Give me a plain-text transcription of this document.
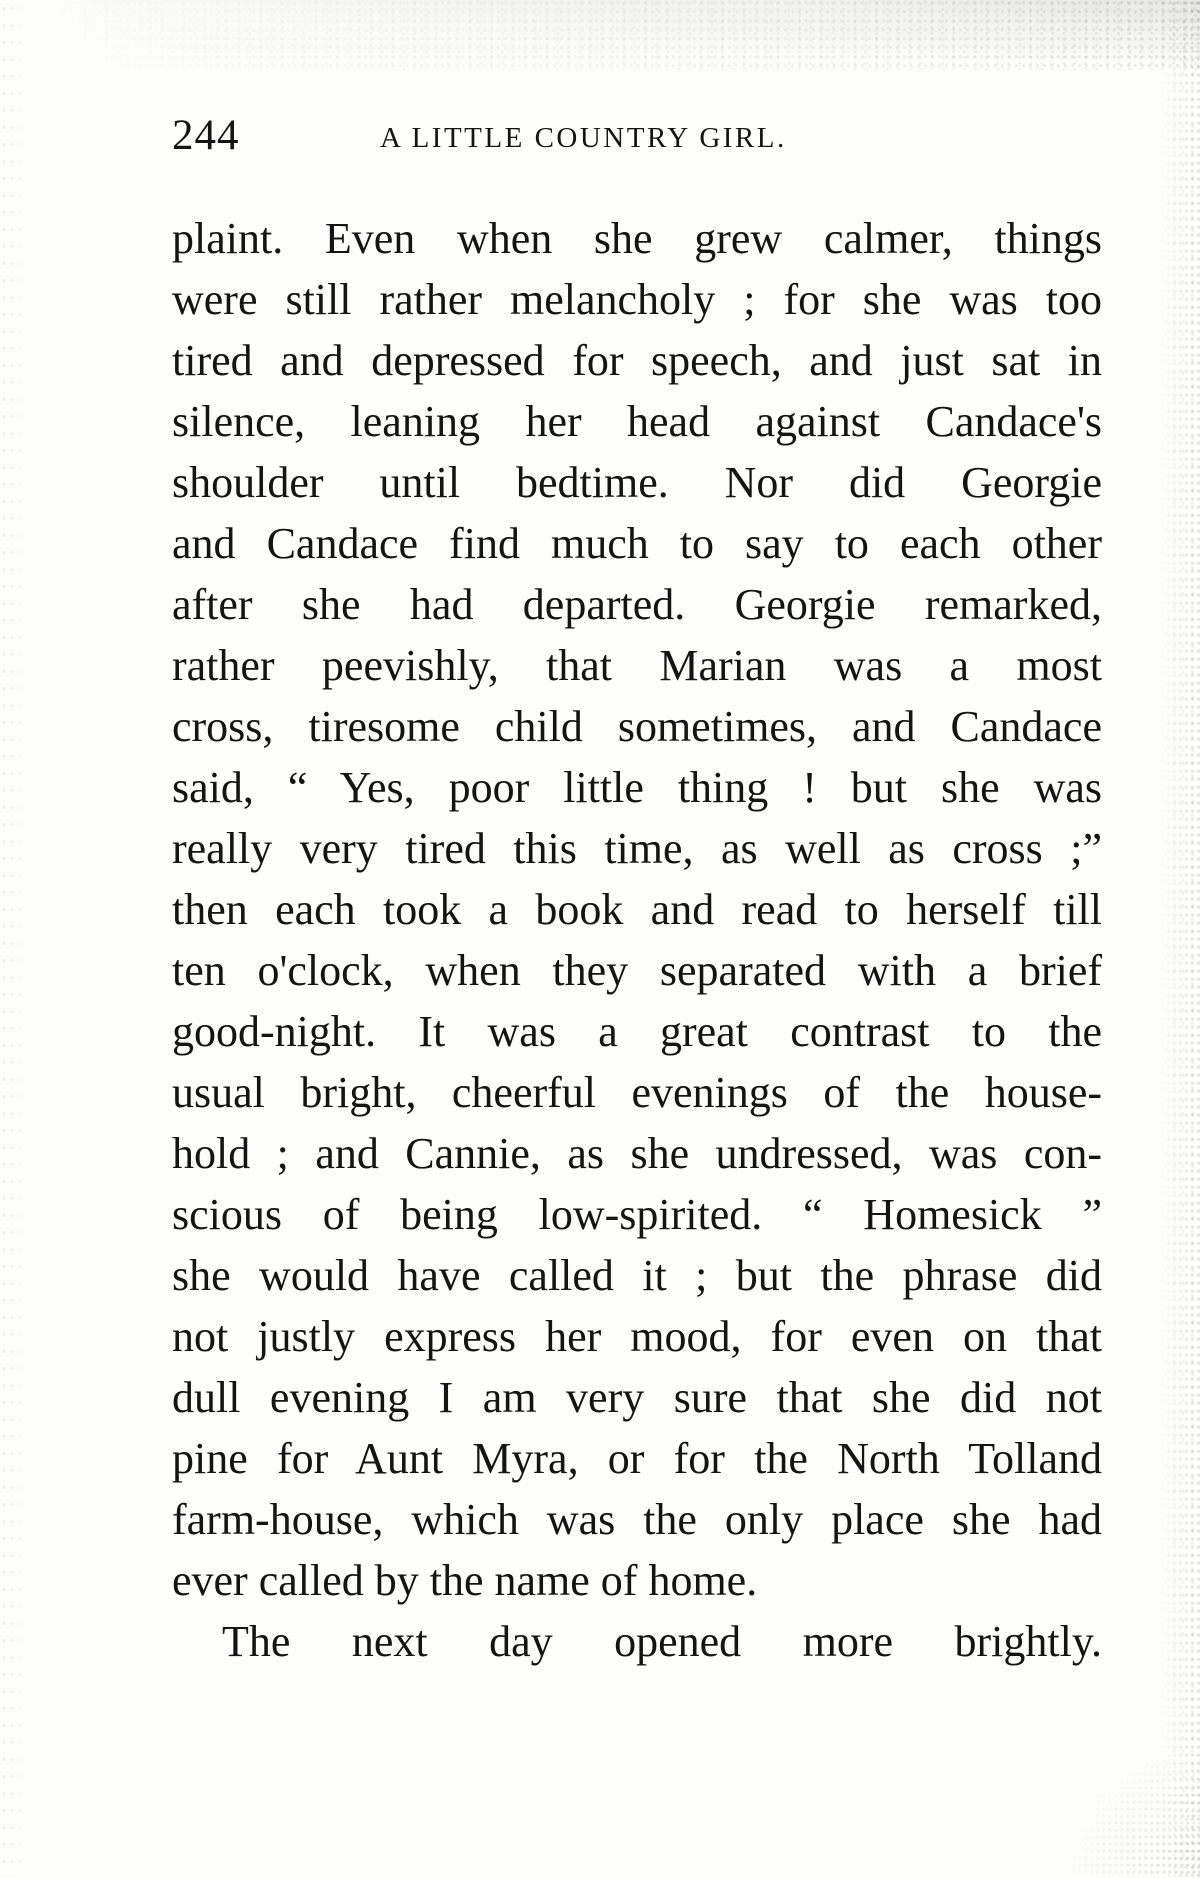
244	A LITTLE COUNTRY GIRL.
plaint. Even when she grew calmer, things
were still rather melancholy ; for she was too
tired and depressed for speech, and just sat in
silence, leaning her head against Candace's
shoulder until bedtime. Nor did Georgie
and Candace find much to say to each other
after she had departed. Georgie remarked,
rather peevishly, that Marian was a most
cross, tiresome child sometimes, and Candace
said, “ Yes, poor little thing ! but she was
really very tired this time, as well as cross ;”
then each took a book and read to herself till
ten o'clock, when they separated with a brief
good-night. It was a great contrast to the
usual bright, cheerful evenings of the house-
hold ; and Cannie, as she undressed, was con-
scious of being low-spirited. “ Homesick ”
she would have called it ; but the phrase did
not justly express her mood, for even on that
dull evening I am very sure that she did not
pine for Aunt Myra, or for the North Tolland
farm-house, which was the only place she had
ever called by the name of home.
The next day opened more brightly.
